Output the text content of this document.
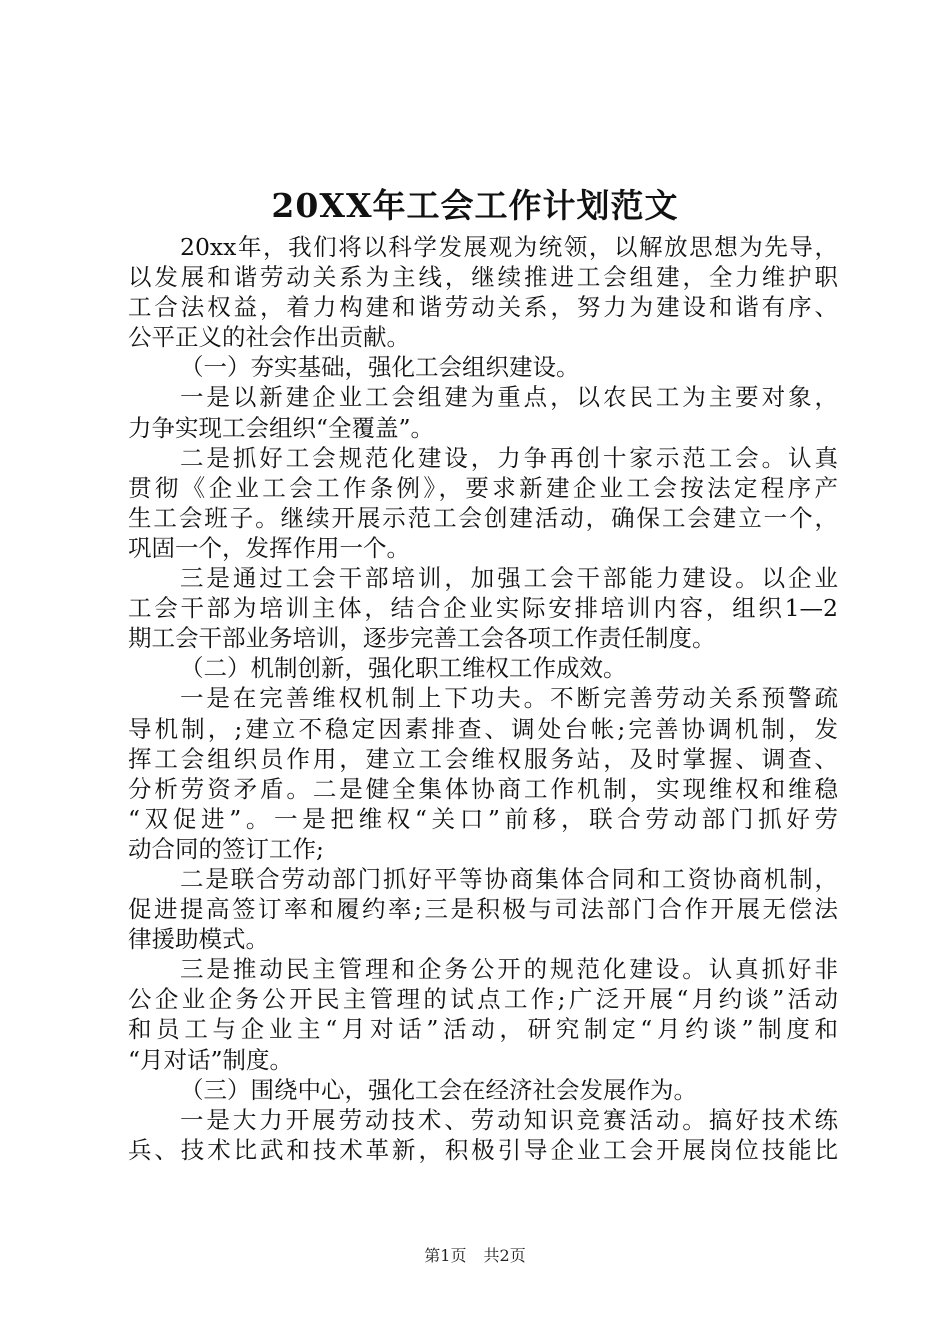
20XX年工会工作计划范文
20xx年，我们将以科学发展观为统领，以解放思想为先导，
以发展和谐劳动关系为主线，继续推进工会组建，全力维护职
工合法权益，着力构建和谐劳动关系，努力为建设和谐有序、
公平正义的社会作出贡献。
（一）夯实基础，强化工会组织建设。
一是以新建企业工会组建为重点，以农民工为主要对象，
力争实现工会组织“全覆盖”。
二是抓好工会规范化建设，力争再创十家示范工会。认真
贯彻《企业工会工作条例》，要求新建企业工会按法定程序产
生工会班子。继续开展示范工会创建活动，确保工会建立一个，
巩固一个，发挥作用一个。
三是通过工会干部培训，加强工会干部能力建设。以企业
工会干部为培训主体，结合企业实际安排培训内容，组织1—2
期工会干部业务培训，逐步完善工会各项工作责任制度。
（二）机制创新，强化职工维权工作成效。
一是在完善维权机制上下功夫。不断完善劳动关系预警疏
导机制，;建立不稳定因素排查、调处台帐;完善协调机制，发
挥工会组织员作用，建立工会维权服务站，及时掌握、调查、
分析劳资矛盾。二是健全集体协商工作机制，实现维权和维稳
“双促进”。一是把维权“关口”前移，联合劳动部门抓好劳
动合同的签订工作;
二是联合劳动部门抓好平等协商集体合同和工资协商机制，
促进提高签订率和履约率;三是积极与司法部门合作开展无偿法
律援助模式。
三是推动民主管理和企务公开的规范化建设。认真抓好非
公企业企务公开民主管理的试点工作;广泛开展“月约谈”活动
和员工与企业主“月对话”活动，研究制定“月约谈”制度和
“月对话”制度。
（三）围绕中心，强化工会在经济社会发展作为。
一是大力开展劳动技术、劳动知识竞赛活动。搞好技术练
兵、技术比武和技术革新，积极引导企业工会开展岗位技能比
第1页 共2页
